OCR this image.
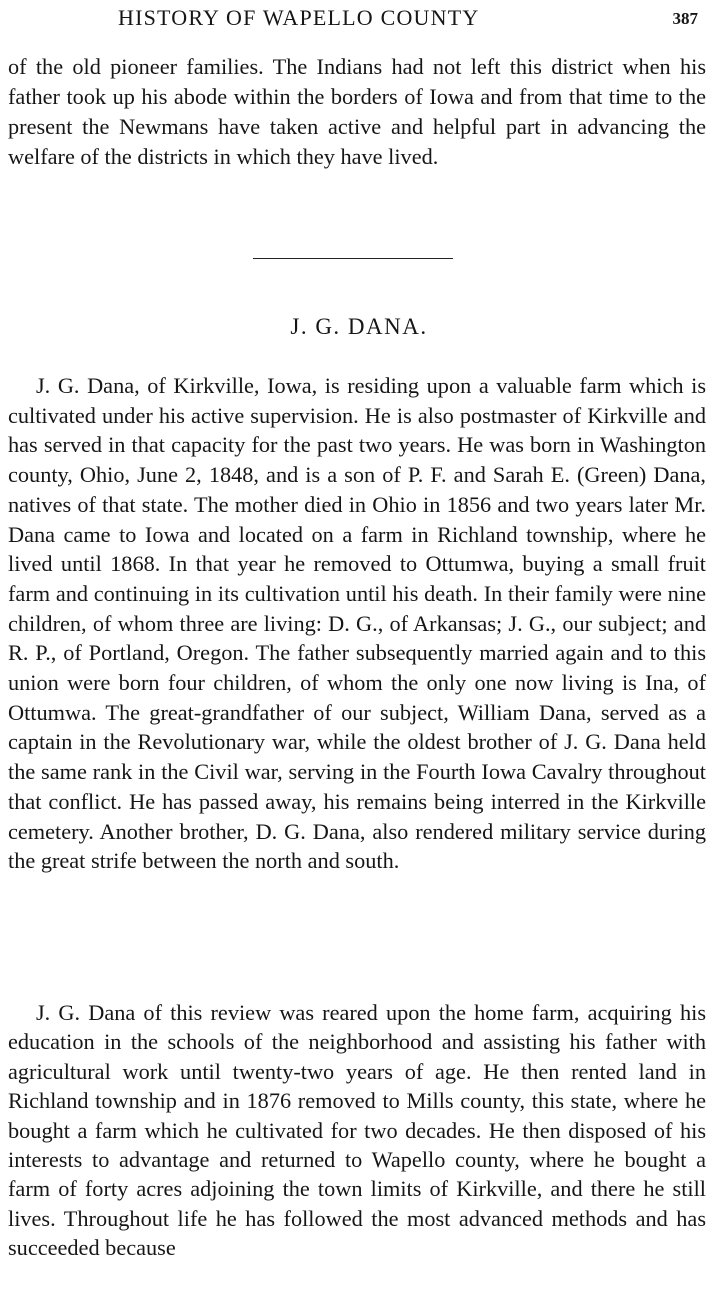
HISTORY OF WAPELLO COUNTY	387

of the old pioneer families. The Indians had not left this district when his father took up his abode within the borders of Iowa and from that time to the present the Newmans have taken active and helpful part in advancing the welfare of the districts in which they have lived.

J. G. DANA.

J. G. Dana, of Kirkville, Iowa, is residing upon a valuable farm which is cultivated under his active supervision. He is also postmaster of Kirkville and has served in that capacity for the past two years. He was born in Washington county, Ohio, June 2, 1848, and is a son of P. F. and Sarah E. (Green) Dana, natives of that state. The mother died in Ohio in 1856 and two years later Mr. Dana came to Iowa and located on a farm in Richland township, where he lived until 1868. In that year he removed to Ottumwa, buying a small fruit farm and continuing in its cultivation until his death. In their family were nine children, of whom three are living: D. G., of Arkansas; J. G., our subject; and R. P., of Portland, Oregon. The father subsequently married again and to this union were born four children, of whom the only one now living is Ina, of Ottumwa. The great-grandfather of our subject, William Dana, served as a captain in the Revolutionary war, while the oldest brother of J. G. Dana held the same rank in the Civil war, serving in the Fourth Iowa Cavalry throughout that conflict. He has passed away, his remains being interred in the Kirkville cemetery. Another brother, D. G. Dana, also rendered military service during the great strife between the north and south.

J. G. Dana of this review was reared upon the home farm, acquiring his education in the schools of the neighborhood and assisting his father with agricultural work until twenty-two years of age. He then rented land in Richland township and in 1876 removed to Mills county, this state, where he bought a farm which he cultivated for two decades. He then disposed of his interests to advantage and returned to Wapello county, where he bought a farm of forty acres adjoining the town limits of Kirkville, and there he still lives. Throughout life he has followed the most advanced methods and has succeeded because
